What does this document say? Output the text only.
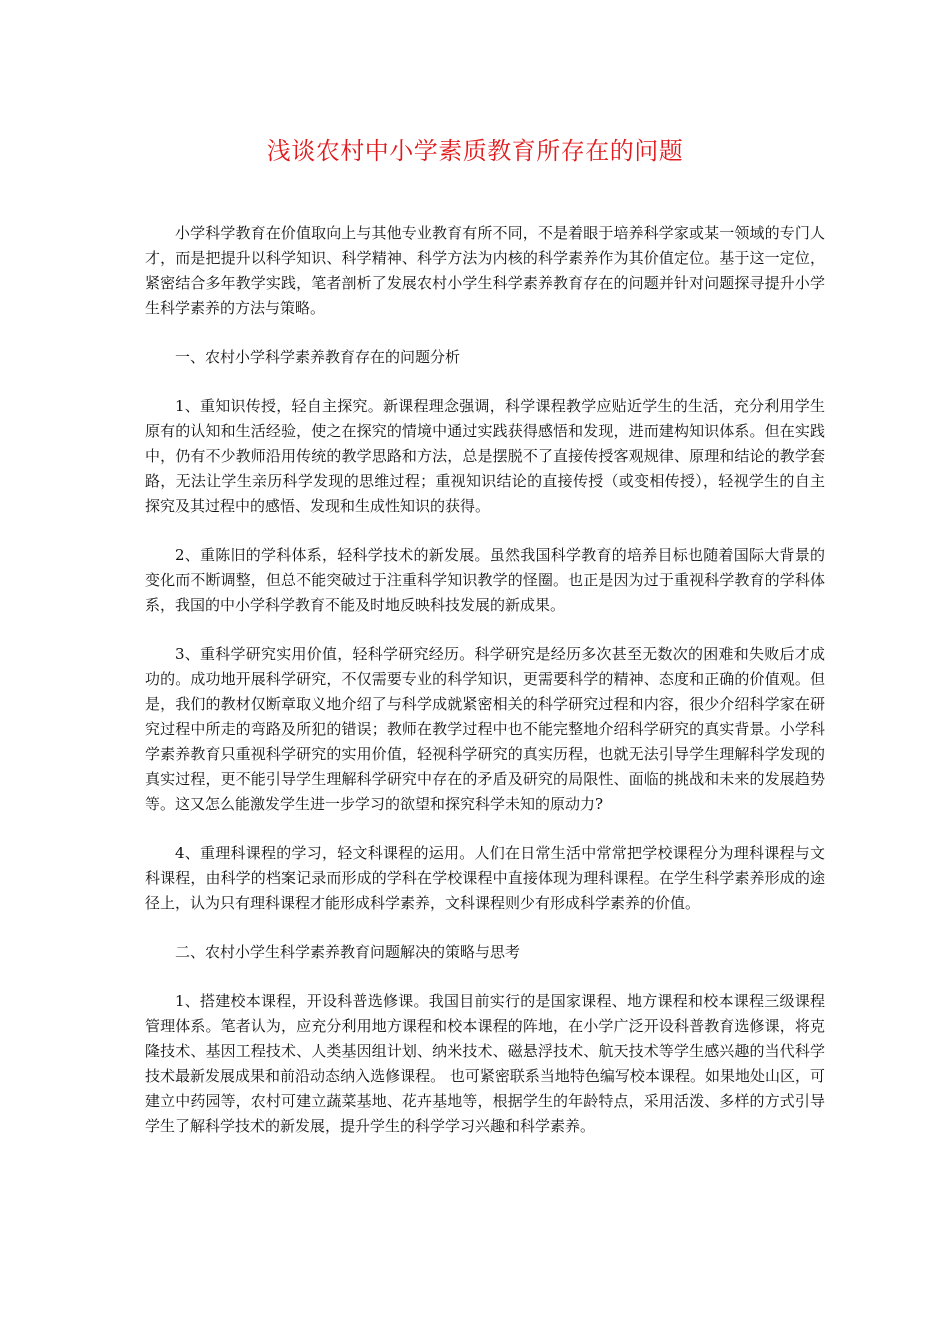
浅谈农村中小学素质教育所存在的问题

小学科学教育在价值取向上与其他专业教育有所不同，不是着眼于培养科学家或某一领域的专门人才，而是把提升以科学知识、科学精神、科学方法为内核的科学素养作为其价值定位。基于这一定位，紧密结合多年教学实践，笔者剖析了发展农村小学生科学素养教育存在的问题并针对问题探寻提升小学生科学素养的方法与策略。

一、农村小学科学素养教育存在的问题分析

1、重知识传授，轻自主探究。新课程理念强调，科学课程教学应贴近学生的生活，充分利用学生原有的认知和生活经验，使之在探究的情境中通过实践获得感悟和发现，进而建构知识体系。但在实践中，仍有不少教师沿用传统的教学思路和方法，总是摆脱不了直接传授客观规律、原理和结论的教学套路，无法让学生亲历科学发现的思维过程；重视知识结论的直接传授（或变相传授），轻视学生的自主探究及其过程中的感悟、发现和生成性知识的获得。

2、重陈旧的学科体系，轻科学技术的新发展。虽然我国科学教育的培养目标也随着国际大背景的变化而不断调整，但总不能突破过于注重科学知识教学的怪圈。也正是因为过于重视科学教育的学科体系，我国的中小学科学教育不能及时地反映科技发展的新成果。

3、重科学研究实用价值，轻科学研究经历。科学研究是经历多次甚至无数次的困难和失败后才成功的。成功地开展科学研究，不仅需要专业的科学知识，更需要科学的精神、态度和正确的价值观。但是，我们的教材仅断章取义地介绍了与科学成就紧密相关的科学研究过程和内容，很少介绍科学家在研究过程中所走的弯路及所犯的错误；教师在教学过程中也不能完整地介绍科学研究的真实背景。小学科学素养教育只重视科学研究的实用价值，轻视科学研究的真实历程，也就无法引导学生理解科学发现的真实过程，更不能引导学生理解科学研究中存在的矛盾及研究的局限性、面临的挑战和未来的发展趋势等。这又怎么能激发学生进一步学习的欲望和探究科学未知的原动力?

4、重理科课程的学习，轻文科课程的运用。人们在日常生活中常常把学校课程分为理科课程与文科课程，由科学的档案记录而形成的学科在学校课程中直接体现为理科课程。在学生科学素养形成的途径上，认为只有理科课程才能形成科学素养，文科课程则少有形成科学素养的价值。

二、农村小学生科学素养教育问题解决的策略与思考

1、搭建校本课程，开设科普选修课。我国目前实行的是国家课程、地方课程和校本课程三级课程管理体系。笔者认为，应充分利用地方课程和校本课程的阵地，在小学广泛开设科普教育选修课，将克隆技术、基因工程技术、人类基因组计划、纳米技术、磁悬浮技术、航天技术等学生感兴趣的当代科学技术最新发展成果和前沿动态纳入选修课程。 也可紧密联系当地特色编写校本课程。如果地处山区，可建立中药园等，农村可建立蔬菜基地、花卉基地等，根据学生的年龄特点，采用活泼、多样的方式引导学生了解科学技术的新发展，提升学生的科学学习兴趣和科学素养。
